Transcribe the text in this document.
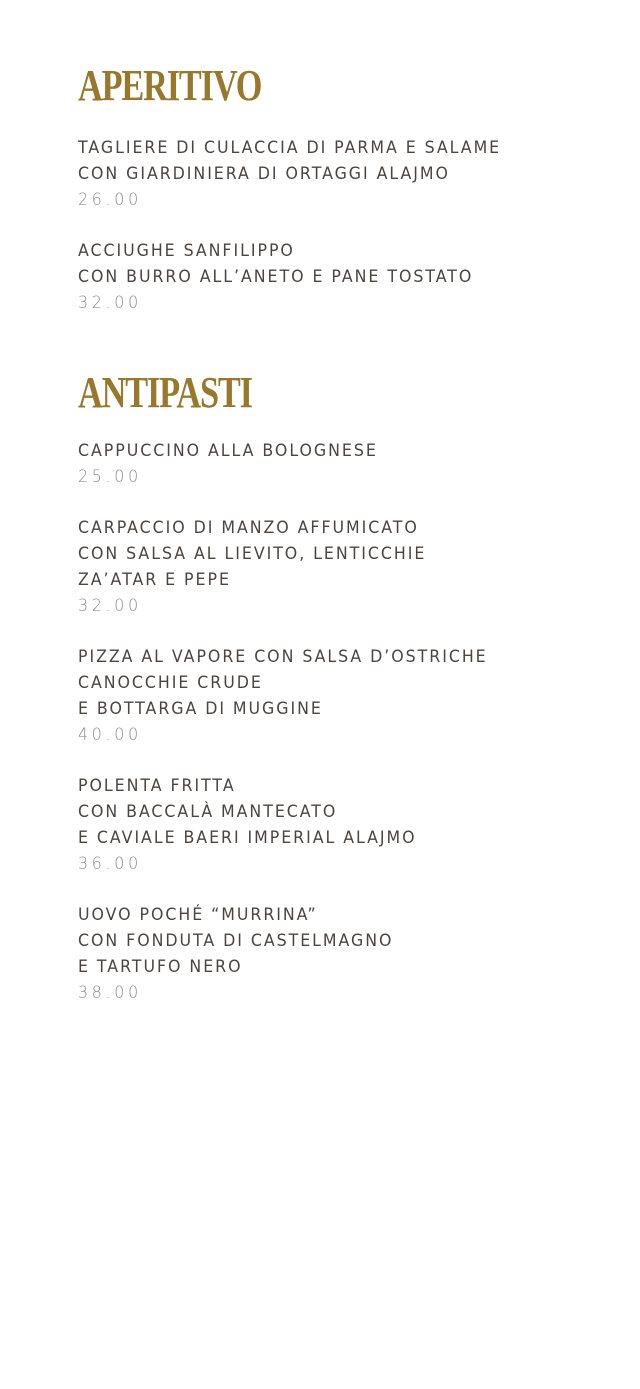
APERITIVO
TAGLIERE DI CULACCIA DI PARMA E SALAME
CON GIARDINIERA DI ORTAGGI ALAJMO
26.00
ACCIUGHE SANFILIPPO
CON BURRO ALL’ANETO E PANE TOSTATO
32.00
ANTIPASTI
CAPPUCCINO ALLA BOLOGNESE
25.00
CARPACCIO DI MANZO AFFUMICATO
CON SALSA AL LIEVITO, LENTICCHIE
ZA’ATAR E PEPE
32.00
PIZZA AL VAPORE CON SALSA D’OSTRICHE
CANOCCHIE CRUDE
E BOTTARGA DI MUGGINE
40.00
POLENTA FRITTA
CON BACCALÀ MANTECATO
E CAVIALE BAERI IMPERIAL ALAJMO
36.00
UOVO POCHÉ “MURRINA”
CON FONDUTA DI CASTELMAGNO
E TARTUFO NERO
38.00
